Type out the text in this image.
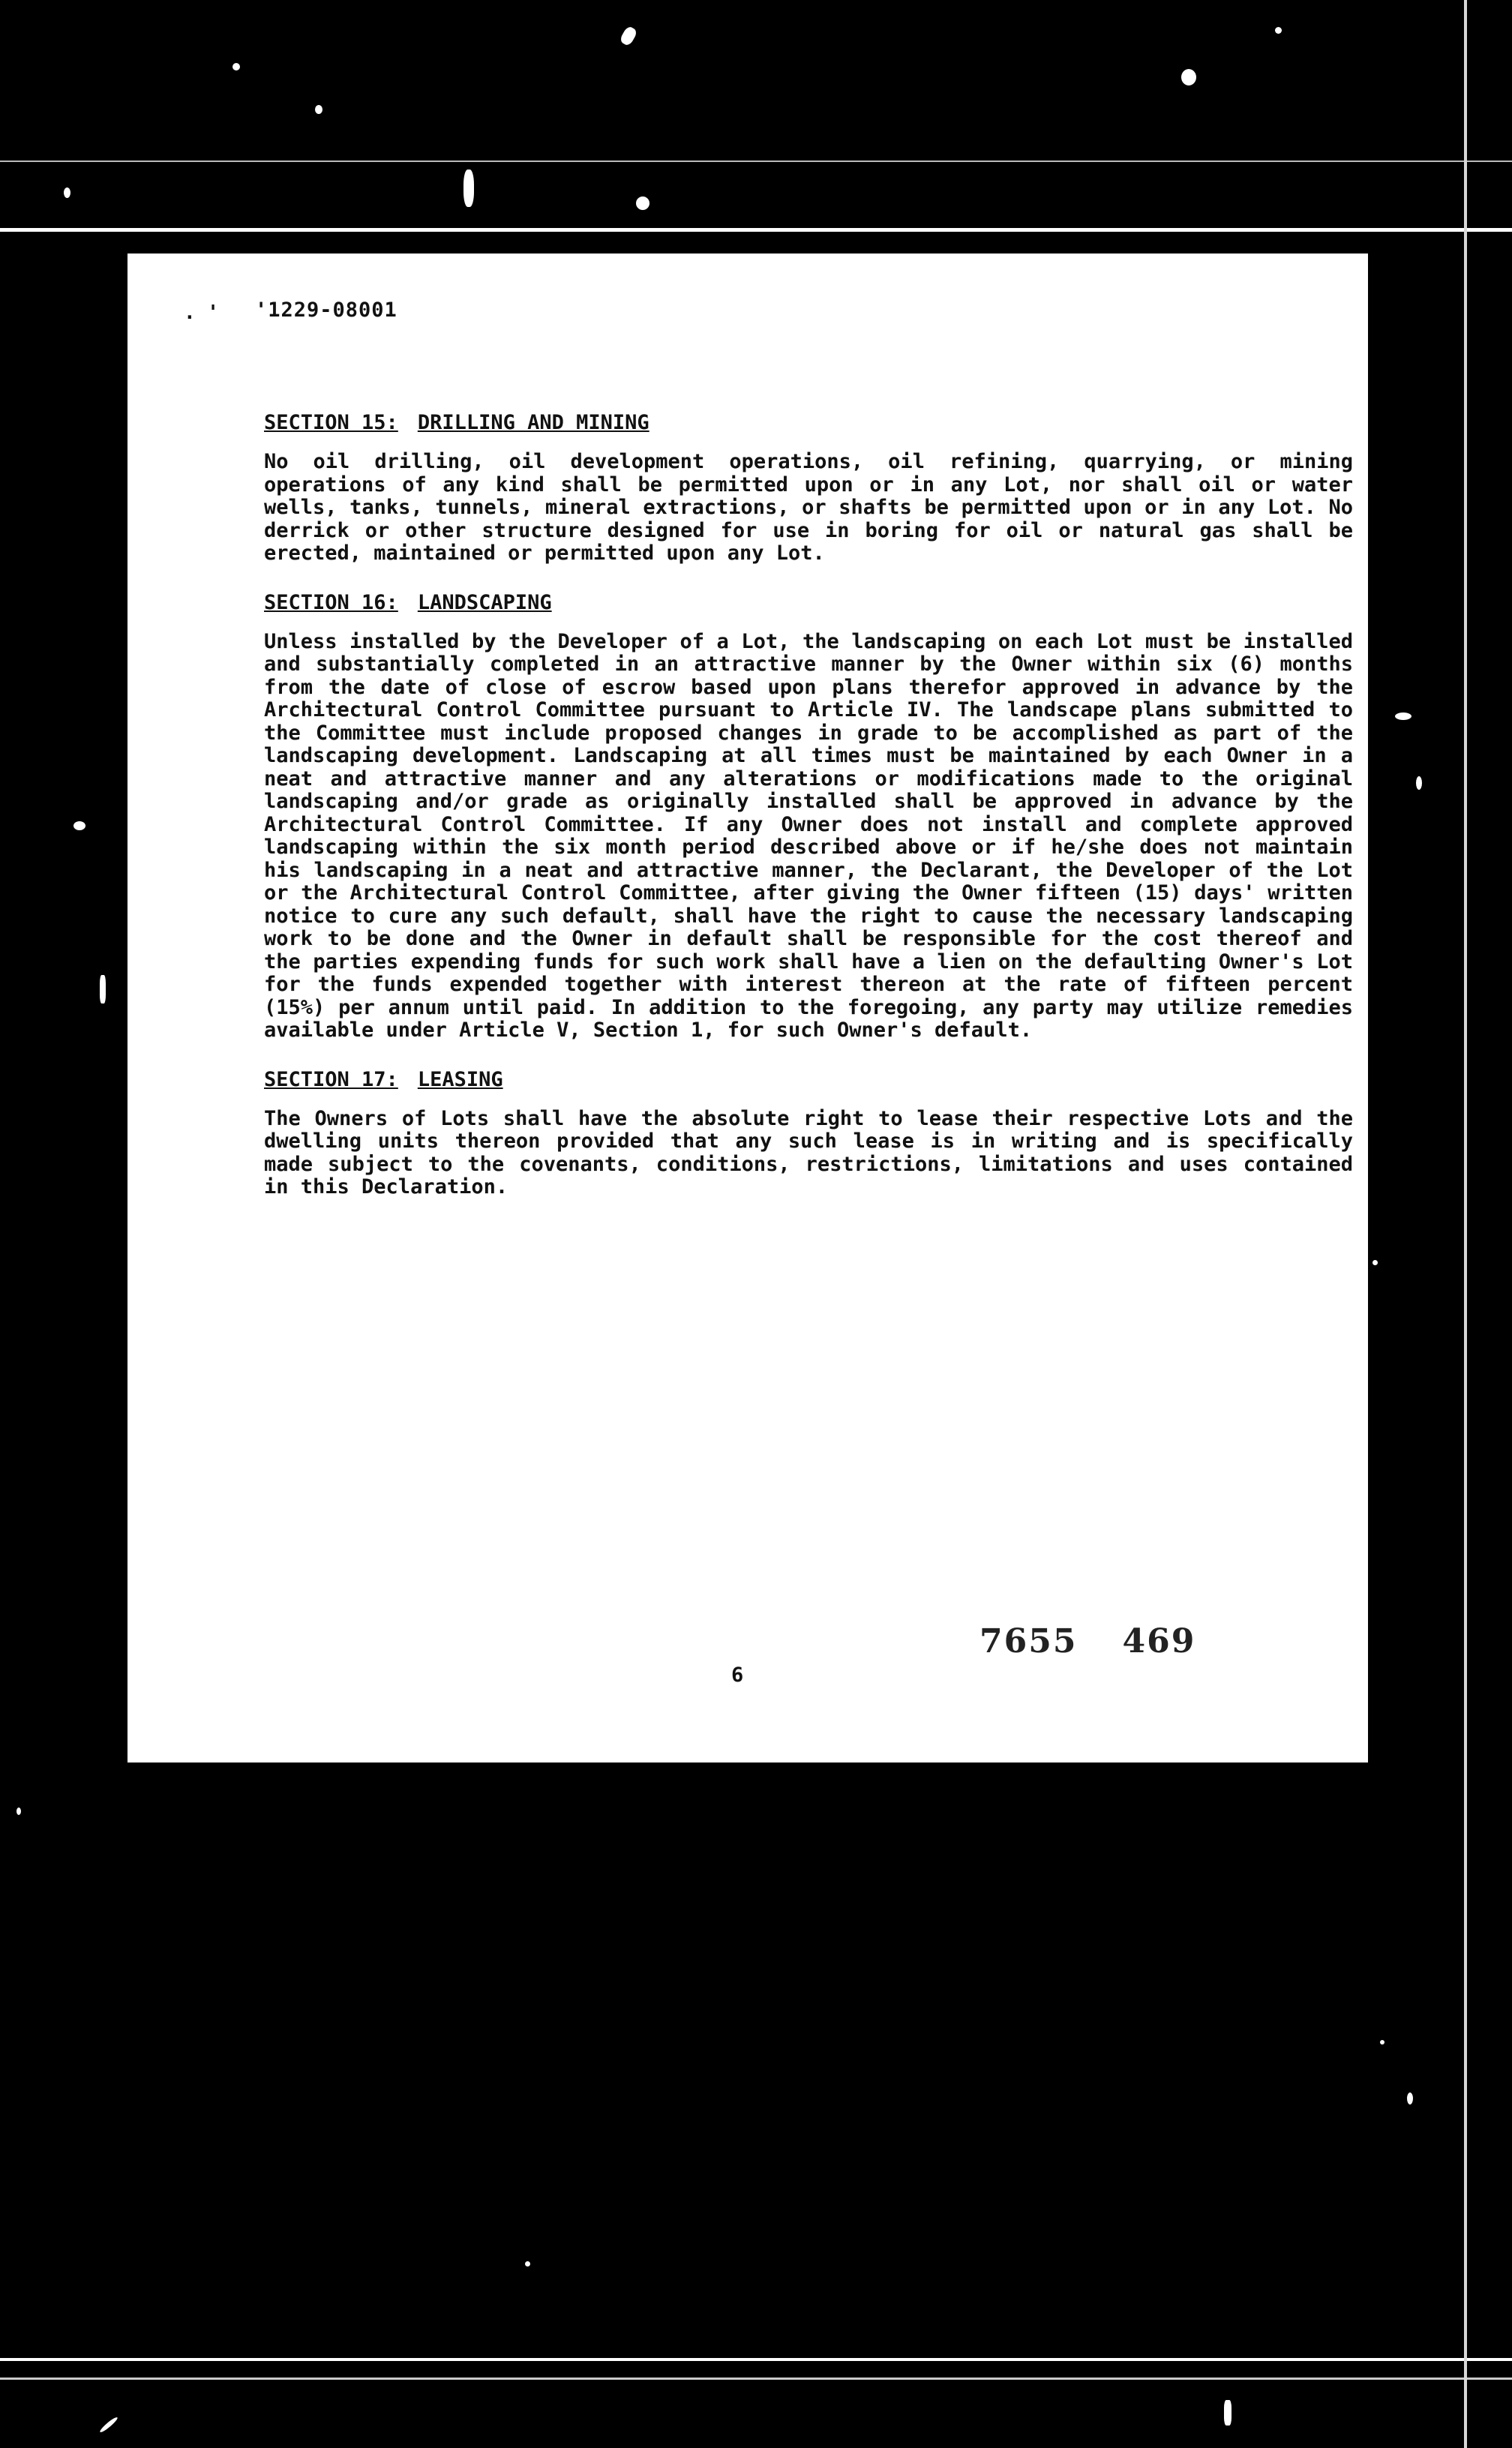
. ' '1229-08001
SECTION 15: DRILLING AND MINING

No oil drilling, oil development operations, oil refining, quarrying, or mining operations of any kind shall be permitted upon or in any Lot, nor shall oil or water wells, tanks, tunnels, mineral extractions, or shafts be permitted upon or in any Lot. No derrick or other structure designed for use in boring for oil or natural gas shall be erected, maintained or permitted upon any Lot.

SECTION 16: LANDSCAPING

Unless installed by the Developer of a Lot, the landscaping on each Lot must be installed and substantially completed in an attractive manner by the Owner within six (6) months from the date of close of escrow based upon plans therefor approved in advance by the Architectural Control Committee pursuant to Article IV. The landscape plans submitted to the Committee must include proposed changes in grade to be accomplished as part of the landscaping development. Landscaping at all times must be maintained by each Owner in a neat and attractive manner and any alterations or modifications made to the original landscaping and/or grade as originally installed shall be approved in advance by the Architectural Control Committee. If any Owner does not install and complete approved landscaping within the six month period described above or if he/she does not maintain his landscaping in a neat and attractive manner, the Declarant, the Developer of the Lot or the Architectural Control Committee, after giving the Owner fifteen (15) days' written notice to cure any such default, shall have the right to cause the necessary landscaping work to be done and the Owner in default shall be responsible for the cost thereof and the parties expending funds for such work shall have a lien on the defaulting Owner's Lot for the funds expended together with interest thereon at the rate of fifteen percent (15%) per annum until paid. In addition to the foregoing, any party may utilize remedies available under Article V, Section 1, for such Owner's default.

SECTION 17: LEASING

The Owners of Lots shall have the absolute right to lease their respective Lots and the dwelling units thereon provided that any such lease is in writing and is specifically made subject to the covenants, conditions, restrictions, limitations and uses contained in this Declaration.

7655 469
6
